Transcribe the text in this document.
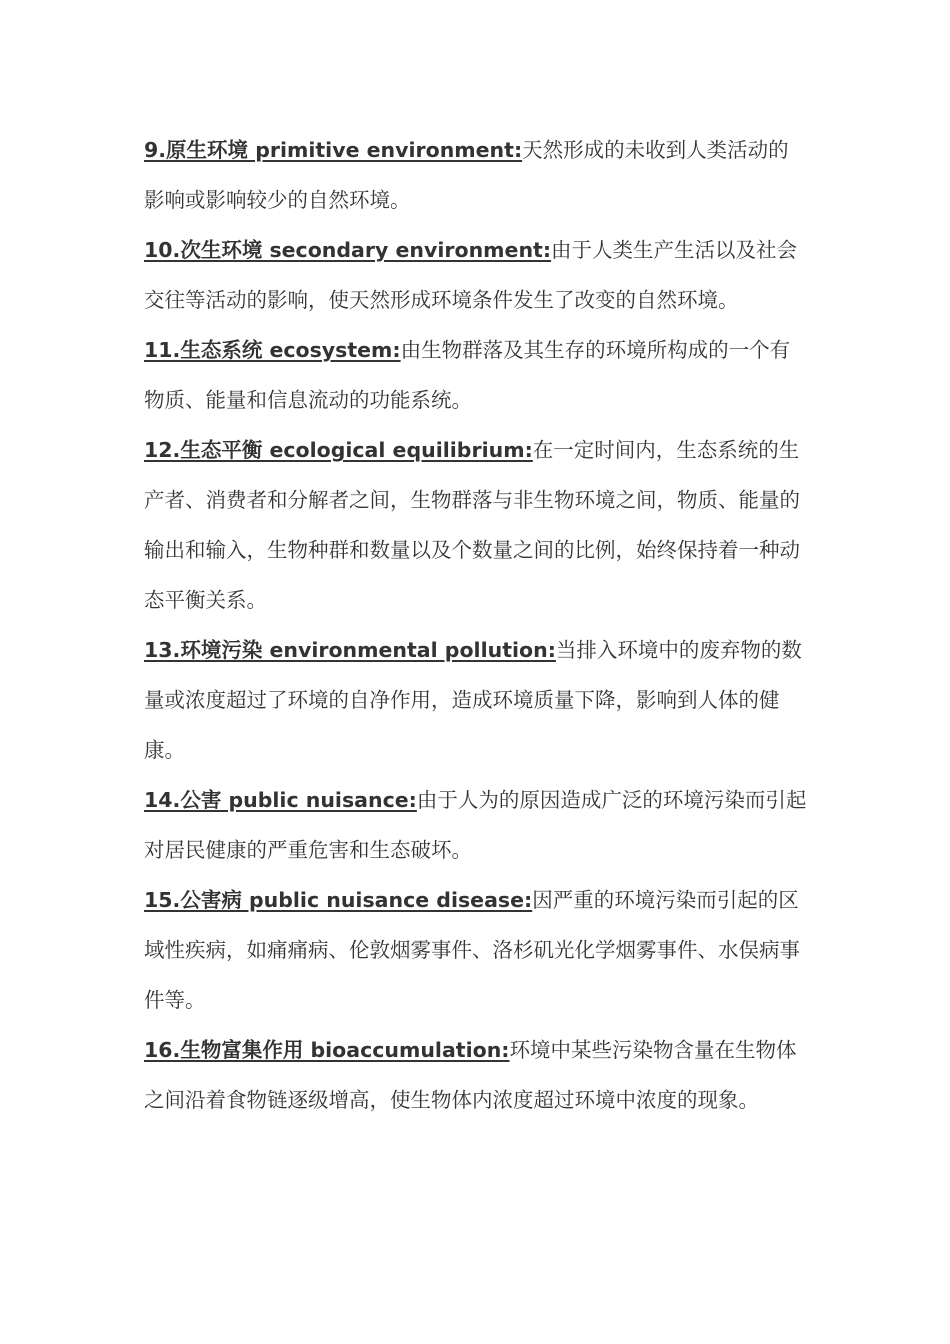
9.原生环境 primitive environment:天然形成的未收到人类活动的影响或影响较少的自然环境。

10.次生环境 secondary environment:由于人类生产生活以及社会交往等活动的影响，使天然形成环境条件发生了改变的自然环境。

11.生态系统 ecosystem:由生物群落及其生存的环境所构成的一个有物质、能量和信息流动的功能系统。

12.生态平衡 ecological equilibrium:在一定时间内，生态系统的生产者、消费者和分解者之间，生物群落与非生物环境之间，物质、能量的输出和输入，生物种群和数量以及个数量之间的比例，始终保持着一种动态平衡关系。

13.环境污染 environmental pollution:当排入环境中的废弃物的数量或浓度超过了环境的自净作用，造成环境质量下降，影响到人体的健康。

14.公害 public nuisance:由于人为的原因造成广泛的环境污染而引起对居民健康的严重危害和生态破坏。

15.公害病 public nuisance disease:因严重的环境污染而引起的区域性疾病，如痛痛病、伦敦烟雾事件、洛杉矶光化学烟雾事件、水俣病事件等。

16.生物富集作用 bioaccumulation:环境中某些污染物含量在生物体之间沿着食物链逐级增高，使生物体内浓度超过环境中浓度的现象。
